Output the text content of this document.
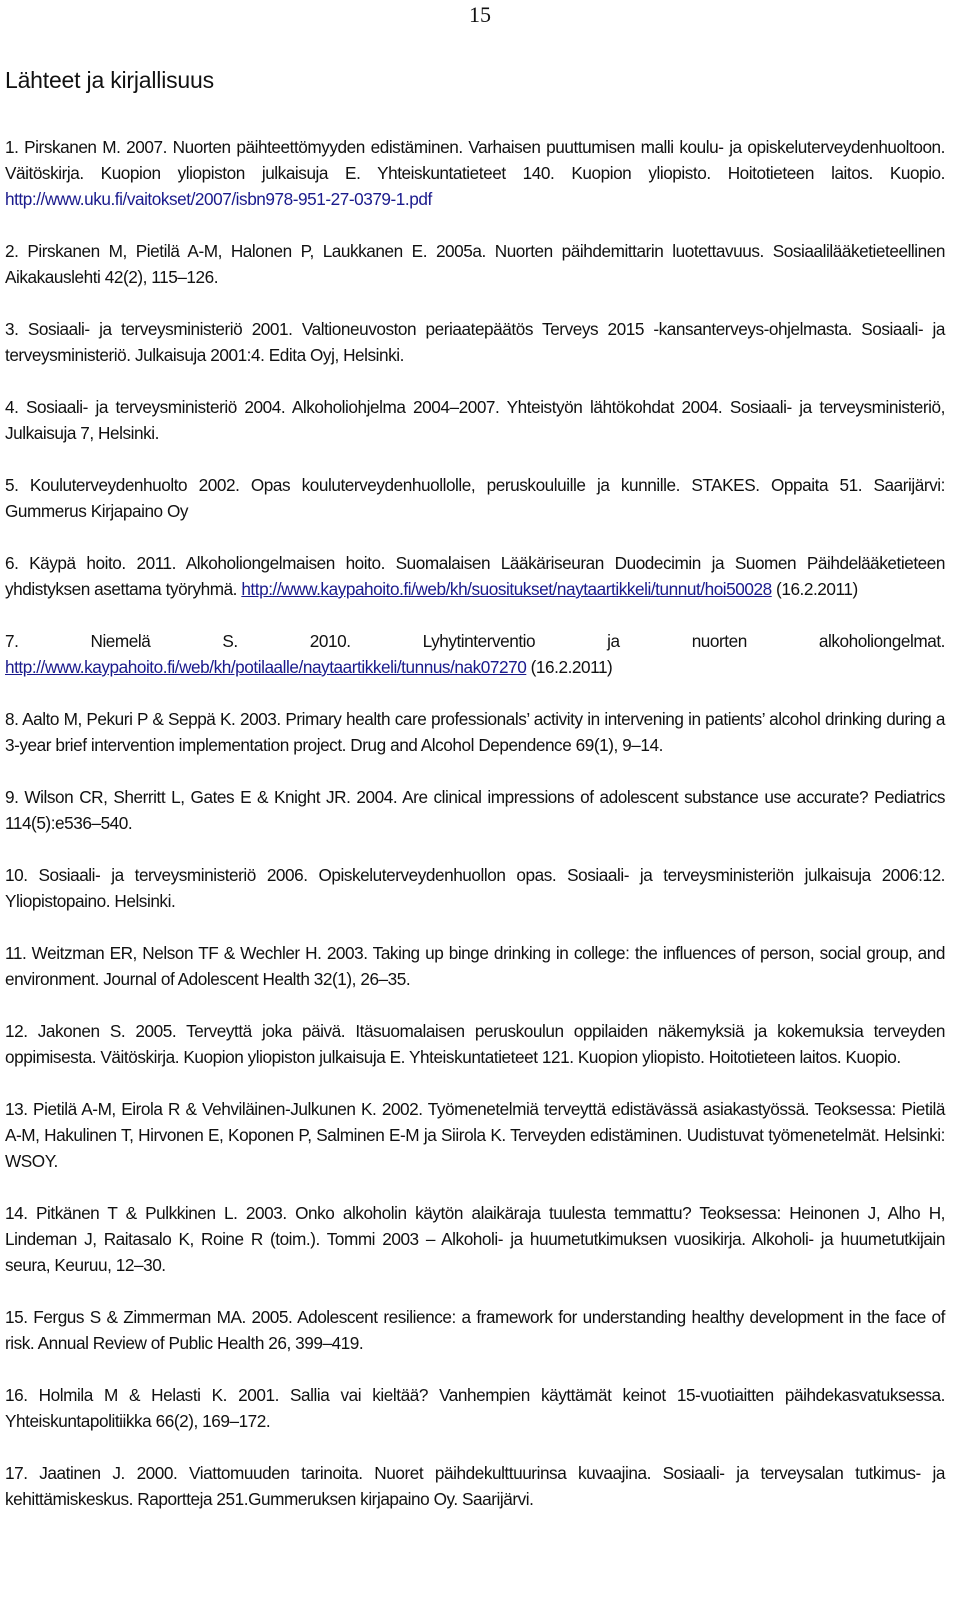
15
Lähteet ja kirjallisuus
1. Pirskanen M. 2007. Nuorten päihteettömyyden edistäminen. Varhaisen puuttumisen malli koulu- ja opiskeluterveydenhuoltoon. Väitöskirja. Kuopion yliopiston julkaisuja E. Yhteiskuntatieteet 140. Kuopion yliopisto. Hoitotieteen laitos. Kuopio. http://www.uku.fi/vaitokset/2007/isbn978-951-27-0379-1.pdf
2. Pirskanen M, Pietilä A-M, Halonen P, Laukkanen E. 2005a. Nuorten päihdemittarin luotettavuus. Sosiaalilääketieteellinen Aikakauslehti 42(2), 115–126.
3. Sosiaali- ja terveysministeriö 2001. Valtioneuvoston periaatepäätös Terveys 2015 -kansanterveys-ohjelmasta. Sosiaali- ja terveysministeriö. Julkaisuja 2001:4. Edita Oyj, Helsinki.
4. Sosiaali- ja terveysministeriö 2004. Alkoholiohjelma 2004–2007. Yhteistyön lähtökohdat 2004. Sosiaali- ja terveysministeriö, Julkaisuja 7, Helsinki.
5. Kouluterveydenhuolto 2002. Opas kouluterveydenhuollolle, peruskouluille ja kunnille. STAKES. Oppaita 51. Saarijärvi: Gummerus Kirjapaino Oy
6. Käypä hoito. 2011. Alkoholiongelmaisen hoito. Suomalaisen Lääkäriseuran Duodecimin ja Suomen Päihdelääketieteen yhdistyksen asettama työryhmä. http://www.kaypahoito.fi/web/kh/suositukset/naytaartikkeli/tunnut/hoi50028 (16.2.2011)
7. Niemelä S. 2010. Lyhytinterventio ja nuorten alkoholiongelmat. http://www.kaypahoito.fi/web/kh/potilaalle/naytaartikkeli/tunnus/nak07270 (16.2.2011)
8. Aalto M, Pekuri P & Seppä K. 2003. Primary health care professionals’ activity in intervening in patients’ alcohol drinking during a 3-year brief intervention implementation project. Drug and Alcohol Dependence 69(1), 9–14.
9. Wilson CR, Sherritt L, Gates E & Knight JR. 2004. Are clinical impressions of adolescent substance use accurate? Pediatrics 114(5):e536–540.
10. Sosiaali- ja terveysministeriö 2006. Opiskeluterveydenhuollon opas. Sosiaali- ja terveysministeriön julkaisuja 2006:12. Yliopistopaino. Helsinki.
11. Weitzman ER, Nelson TF & Wechler H. 2003. Taking up binge drinking in college: the influences of person, social group, and environment. Journal of Adolescent Health 32(1), 26–35.
12. Jakonen S. 2005. Terveyttä joka päivä. Itäsuomalaisen peruskoulun oppilaiden näkemyksiä ja kokemuksia terveyden oppimisesta. Väitöskirja. Kuopion yliopiston julkaisuja E. Yhteiskuntatieteet 121. Kuopion yliopisto. Hoitotieteen laitos. Kuopio.
13. Pietilä A-M, Eirola R & Vehviläinen-Julkunen K. 2002. Työmenetelmiä terveyttä edistävässä asiakastyössä. Teoksessa: Pietilä A-M, Hakulinen T, Hirvonen E, Koponen P, Salminen E-M ja Siirola K. Terveyden edistäminen. Uudistuvat työmenetelmät. Helsinki: WSOY.
14. Pitkänen T & Pulkkinen L. 2003. Onko alkoholin käytön alaikäraja tuulesta temmattu? Teoksessa: Heinonen J, Alho H, Lindeman J, Raitasalo K, Roine R (toim.). Tommi 2003 – Alkoholi- ja huumetutkimuksen vuosikirja. Alkoholi- ja huumetutkijain seura, Keuruu, 12–30.
15. Fergus S & Zimmerman MA. 2005. Adolescent resilience: a framework for understanding healthy development in the face of risk. Annual Review of Public Health 26, 399–419.
16. Holmila M & Helasti K. 2001. Sallia vai kieltää? Vanhempien käyttämät keinot 15-vuotiaitten päihdekasvatuksessa. Yhteiskuntapolitiikka 66(2), 169–172.
17. Jaatinen J. 2000. Viattomuuden tarinoita. Nuoret päihdekulttuurinsa kuvaajina. Sosiaali- ja terveysalan tutkimus- ja kehittämiskeskus. Raportteja 251.Gummeruksen kirjapaino Oy. Saarijärvi.
